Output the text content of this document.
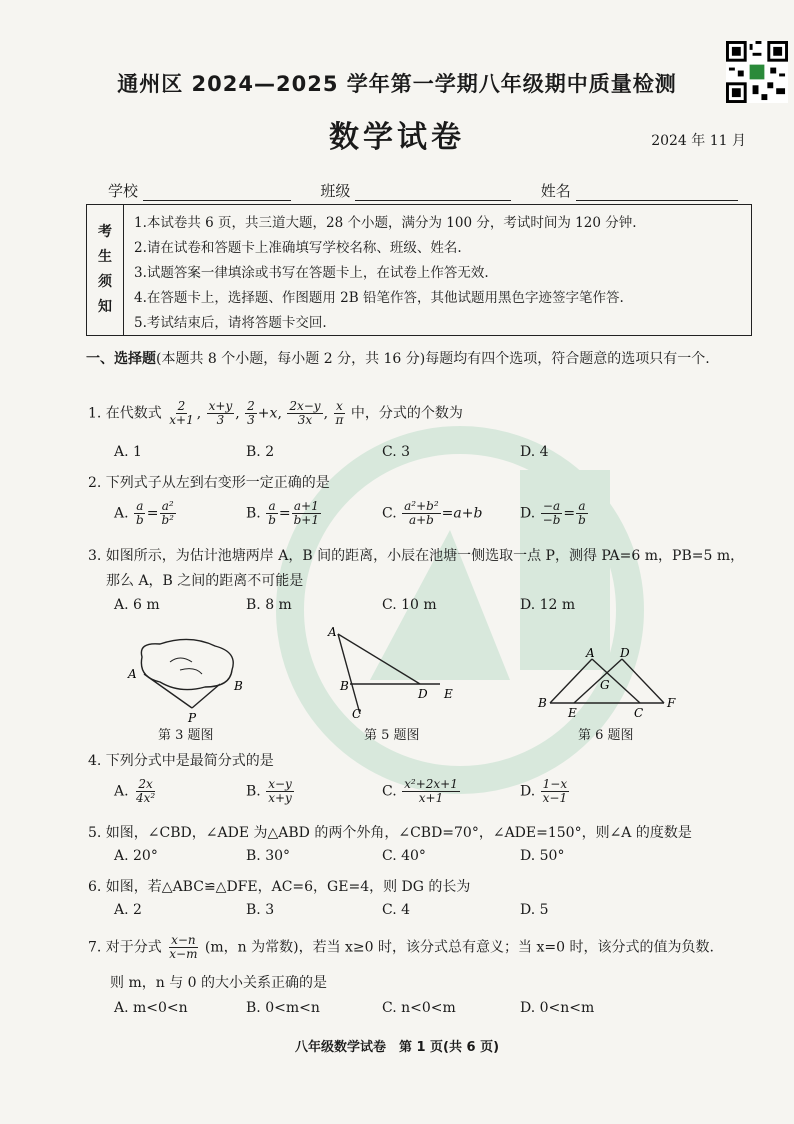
通州区 2024—2025 学年第一学期八年级期中质量检测
数学试卷	2024 年 11 月
学校	班级	姓名
考
生
须
知
1.本试卷共 6 页，共三道大题，28 个小题，满分为 100 分，考试时间为 120 分钟.
2.请在试卷和答题卡上准确填写学校名称、班级、姓名.
3.试题答案一律填涂或书写在答题卡上，在试卷上作答无效.
4.在答题卡上，选择题、作图题用 2B 铅笔作答，其他试题用黑色字迹签字笔作答.
5.考试结束后，请将答题卡交回.
一、选择题(本题共 8 个小题，每小题 2 分，共 16 分)每题均有四个选项，符合题意的选项只有一个.
1. 在代数式 $\frac{2}{x+1}$ , $\frac{x+y}{3}$ , $\frac{2}{3} +x$, $\frac{2x-y}{3x}$ , $\frac{x}{\pi}$ 中，分式的个数为
A. 1	B. 2	C. 3	D. 4
2. 下列式子从左到右变形一定正确的是
A. $\frac{a}{b} = \frac{\text{a²}}{\text{b²}}$	B. $\frac{a}{b} = \frac{a+1}{b+1}$	C. $\frac{\text{a²+b²}}{a+b} =a+b$	D. $\frac{-a}{-b} = \frac{a}{b}$
3. 如图所示，为估计池塘两岸 A，B 间的距离，小辰在池塘一侧选取一点 P，测得 PA=6 m，PB=5 m，
那么 A，B 之间的距离不可能是
A. 6 m	B. 8 m	C. 10 m	D. 12 m
A
B
P
第 3 题图
A
B
D E
C
第 5 题图
A D
G
B
E	C
F
第 6 题图
4. 下列分式中是最简分式的是
A. $\frac{2x}{\text{4x²}}$	B. $\frac{x-y}{x+y}$	C. $\frac{\text{x²+2x+1}}{x+1}$	D. $\frac{1-x}{x-1}$
5. 如图，∠CBD，∠ADE 为△ABD 的两个外角，∠CBD=70°，∠ADE=150°，则∠A 的度数是
A. 20°	B. 30°	C. 40°	D. 50°
6. 如图，若△ABC≌△DFE，AC=6，GE=4，则 DG 的长为
A. 2	B. 3	C. 4	D. 5
7. 对于分式 $\frac{x-n}{x-m} (m$，n 为常数)，若当 x≥0 时，该分式总有意义；当 x=0 时，该分式的值为负数.
则 m，n 与 0 的大小关系正确的是
A. m<0<n	B. 0<m<n	C. n<0<m	D. 0<n<m
八年级数学试卷　第 1 页(共 6 页)
